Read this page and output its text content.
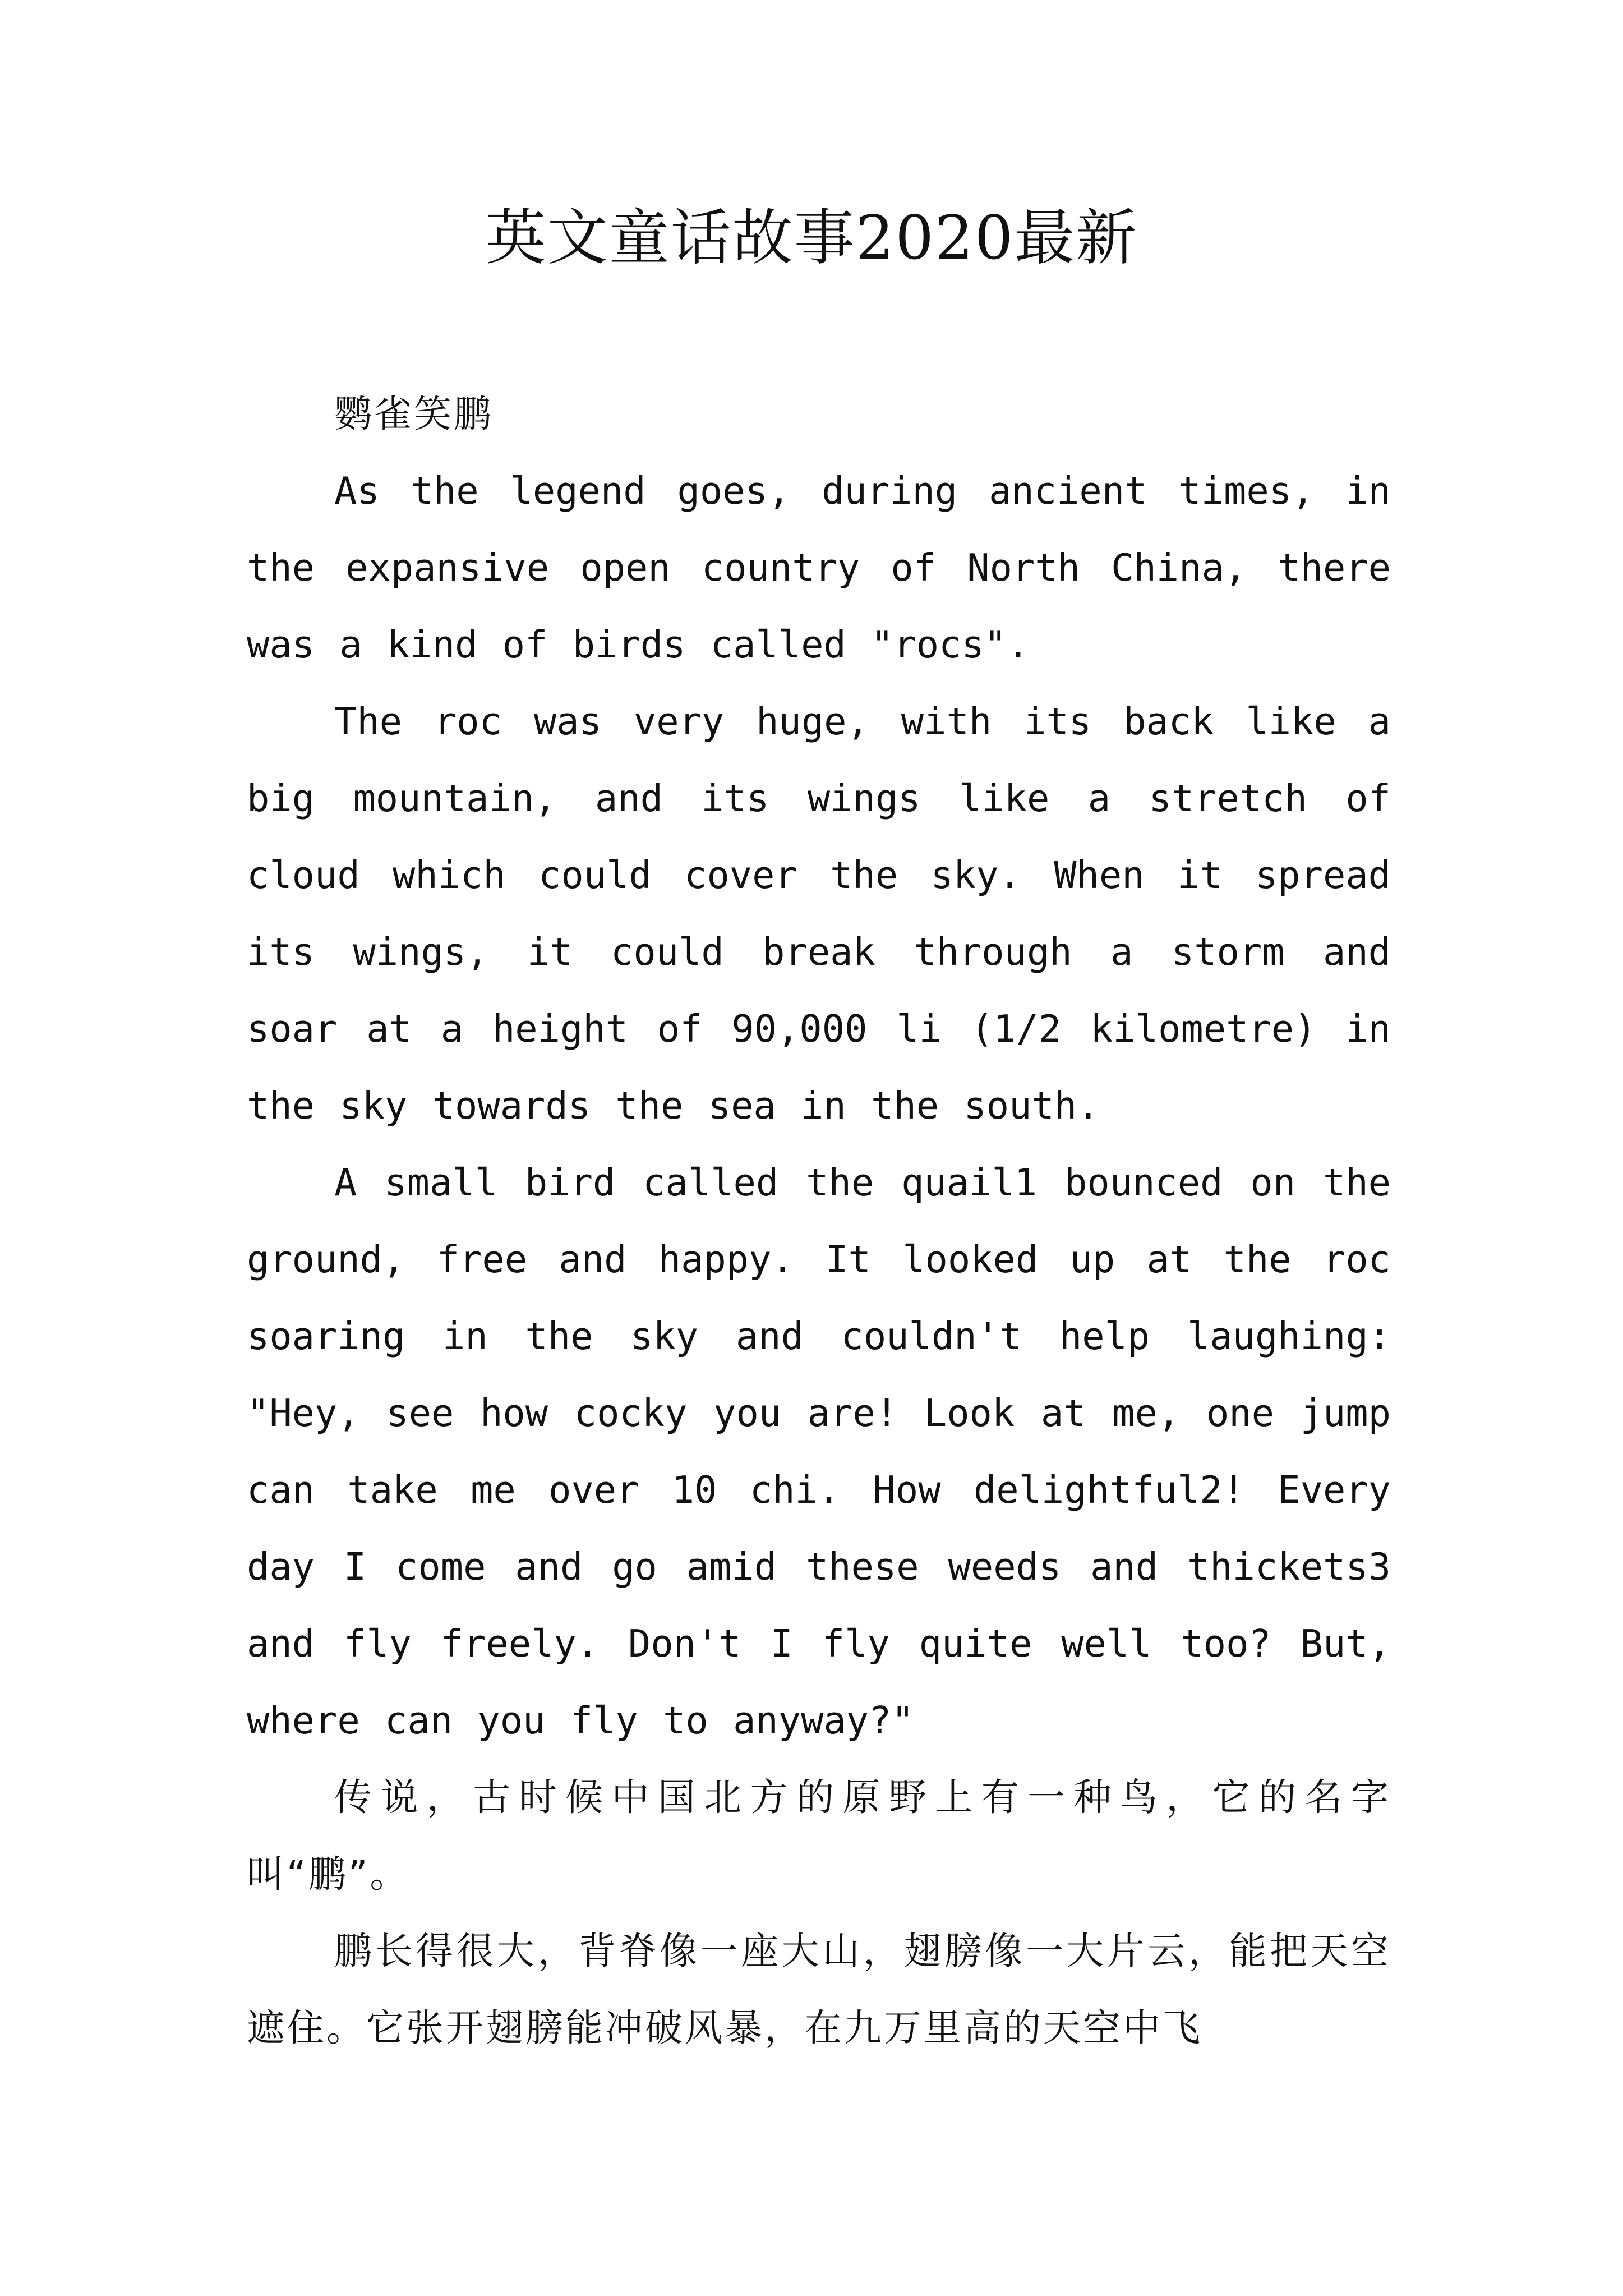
英文童话故事2020最新

鹦雀笑鹏

As the legend goes, during ancient times, in the expansive open country of North China, there was a kind of birds called "rocs".

The roc was very huge, with its back like a big mountain, and its wings like a stretch of cloud which could cover the sky. When it spread its wings, it could break through a storm and soar at a height of 90,000 li (1/2 kilometre) in the sky towards the sea in the south.

A small bird called the quail1 bounced on the ground, free and happy. It looked up at the roc soaring in the sky and couldn't help laughing: "Hey, see how cocky you are! Look at me, one jump can take me over 10 chi. How delightful2! Every day I come and go amid these weeds and thickets3 and fly freely. Don't I fly quite well too? But, where can you fly to anyway?"

传说，古时候中国北方的原野上有一种鸟，它的名字叫“鹏”。

鹏长得很大，背脊像一座大山，翅膀像一大片云，能把天空遮住。它张开翅膀能冲破风暴，在九万里高的天空中飞
